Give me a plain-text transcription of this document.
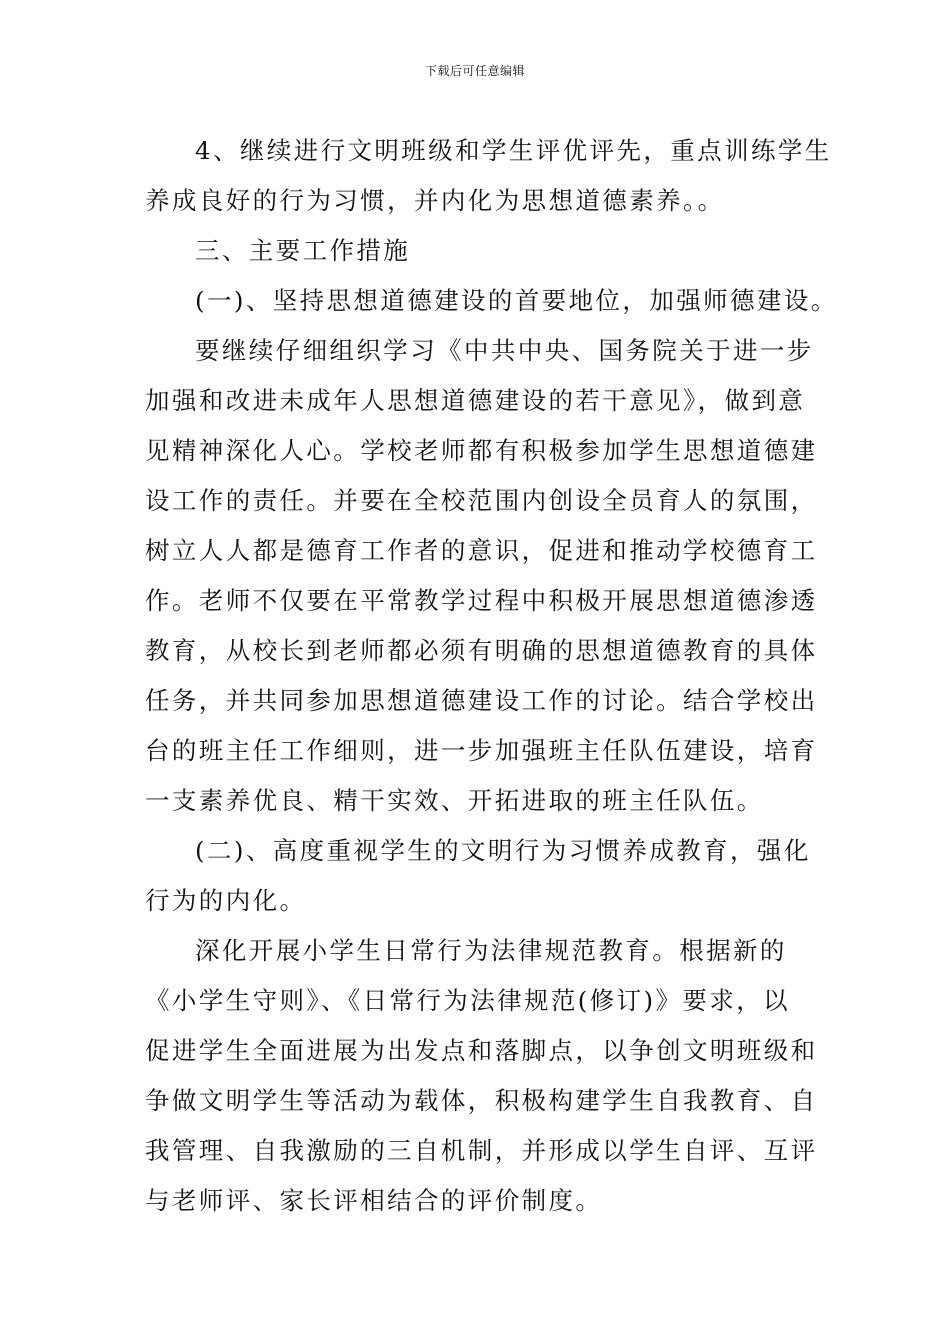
下载后可任意编辑
4、继续进行文明班级和学生评优评先，重点训练学生
养成良好的行为习惯，并内化为思想道德素养。。
三、主要工作措施
(一)、坚持思想道德建设的首要地位，加强师德建设。
要继续仔细组织学习《中共中央、国务院关于进一步
加强和改进未成年人思想道德建设的若干意见》，做到意
见精神深化人心。学校老师都有积极参加学生思想道德建
设工作的责任。并要在全校范围内创设全员育人的氛围，
树立人人都是德育工作者的意识，促进和推动学校德育工
作。老师不仅要在平常教学过程中积极开展思想道德渗透
教育，从校长到老师都必须有明确的思想道德教育的具体
任务，并共同参加思想道德建设工作的讨论。结合学校出
台的班主任工作细则，进一步加强班主任队伍建设，培育
一支素养优良、精干实效、开拓进取的班主任队伍。
(二)、高度重视学生的文明行为习惯养成教育，强化
行为的内化。
深化开展小学生日常行为法律规范教育。根据新的
《小学生守则》、《日常行为法律规范(修订)》要求，以
促进学生全面进展为出发点和落脚点，以争创文明班级和
争做文明学生等活动为载体，积极构建学生自我教育、自
我管理、自我激励的三自机制，并形成以学生自评、互评
与老师评、家长评相结合的评价制度。
